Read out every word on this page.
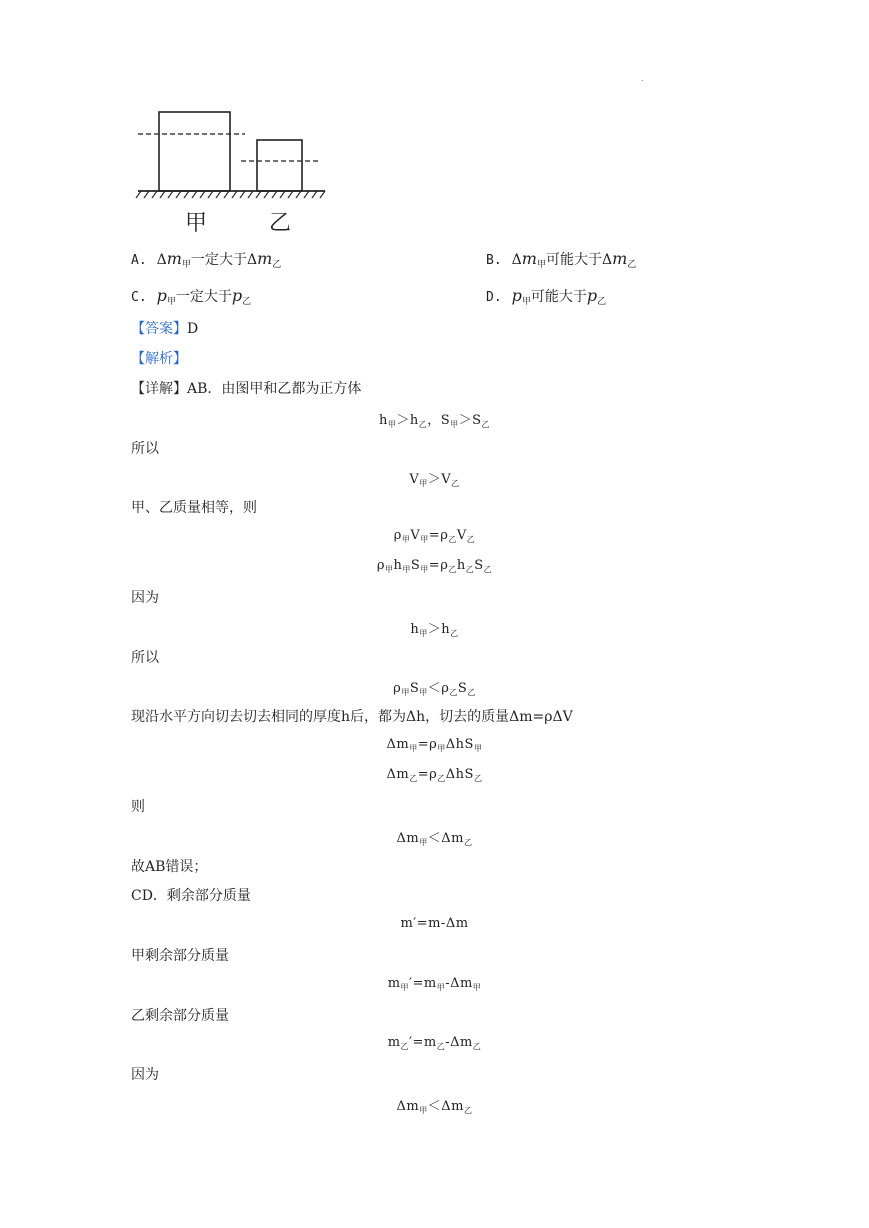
.
甲	乙
A. $\Delta m_甲$一定大于$\Delta m_乙$	B. $\Delta m_甲$可能大于$\Delta m_乙$
C. $p_甲$一定大于$p_乙$	D. $p_甲$可能大于$p_乙$
【答案】D
【解析】
【详解】AB．由图甲和乙都为正方体
$h_甲>h_乙$，$S_甲>S_乙$
所以
$V_甲>V_乙$
甲、乙质量相等，则
$\rho_甲V_甲=\rho_乙V_乙$
$\rho_甲h_甲S_甲=\rho_乙h_乙S_乙$
因为
$h_甲>h_乙$
所以
$\rho_甲S_甲<\rho_乙S_乙$
现沿水平方向切去切去相同的厚度h后，都为Δh，切去的质量Δm=ρΔV
$\Delta m_甲=\rho_甲\Delta hS_甲$
$\Delta m_乙=\rho_乙\Delta hS_乙$
则
$\Delta m_甲<\Delta m_乙$
故AB错误；
CD．剩余部分质量
m′=m-Δm
甲剩余部分质量
$m_甲'=m_甲-\Delta m_甲$
乙剩余部分质量
$m_乙'=m_乙-\Delta m_乙$
因为
$\Delta m_甲<\Delta m_乙$
